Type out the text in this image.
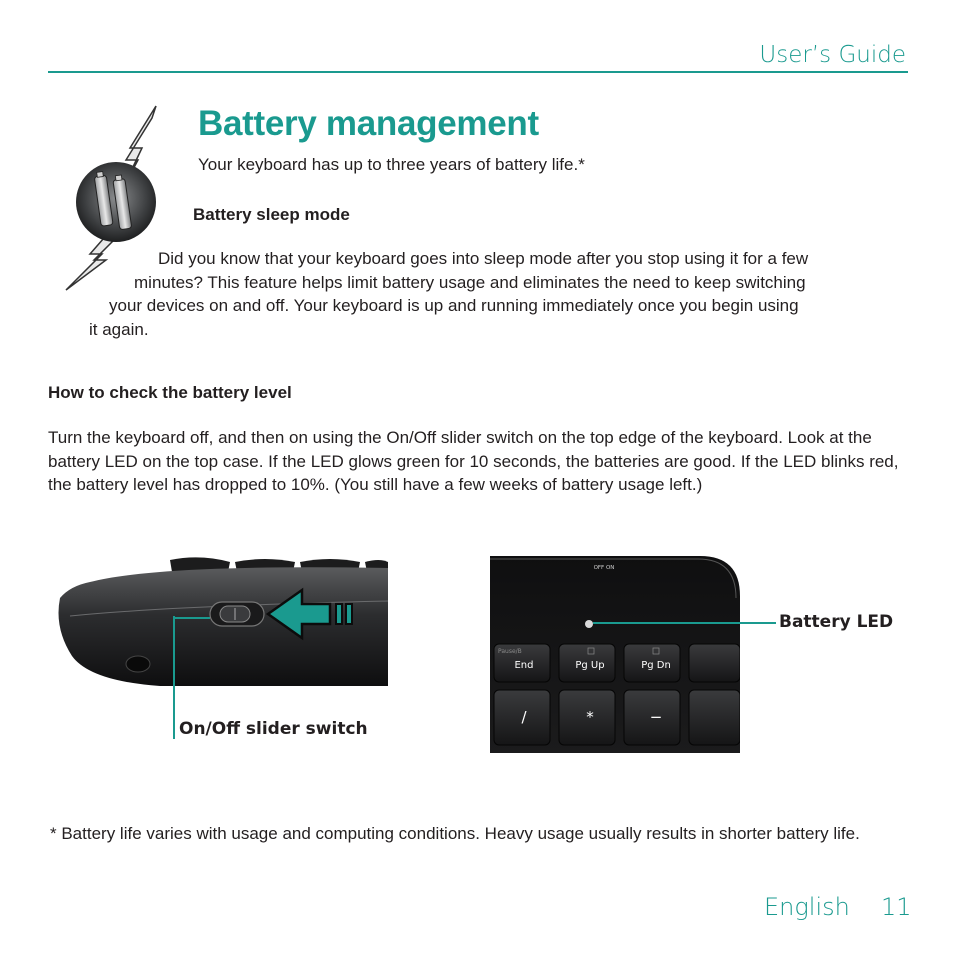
User’s Guide
Battery management
Your keyboard has up to three years of battery life.*
Battery sleep mode
Did you know that your keyboard goes into sleep mode after you stop using it for a few
minutes? This feature helps limit battery usage and eliminates the need to keep switching
your devices on and off. Your keyboard is up and running immediately once you begin using
it again.
How to check the battery level
Turn the keyboard off, and then on using the On/Off slider switch on the top edge of the keyboard. Look at the battery LED on the top case. If the LED glows green for 10 seconds, the batteries are good. If the LED blinks red, the battery level has dropped to 10%. (You still have a few weeks of battery usage left.)
On/Off slider switch
OFF ON
Pause/B
End	Pg Up	Pg Dn
/	*	−
Battery LED
* Battery life varies with usage and computing conditions. Heavy usage usually results in shorter battery life.
English 11
